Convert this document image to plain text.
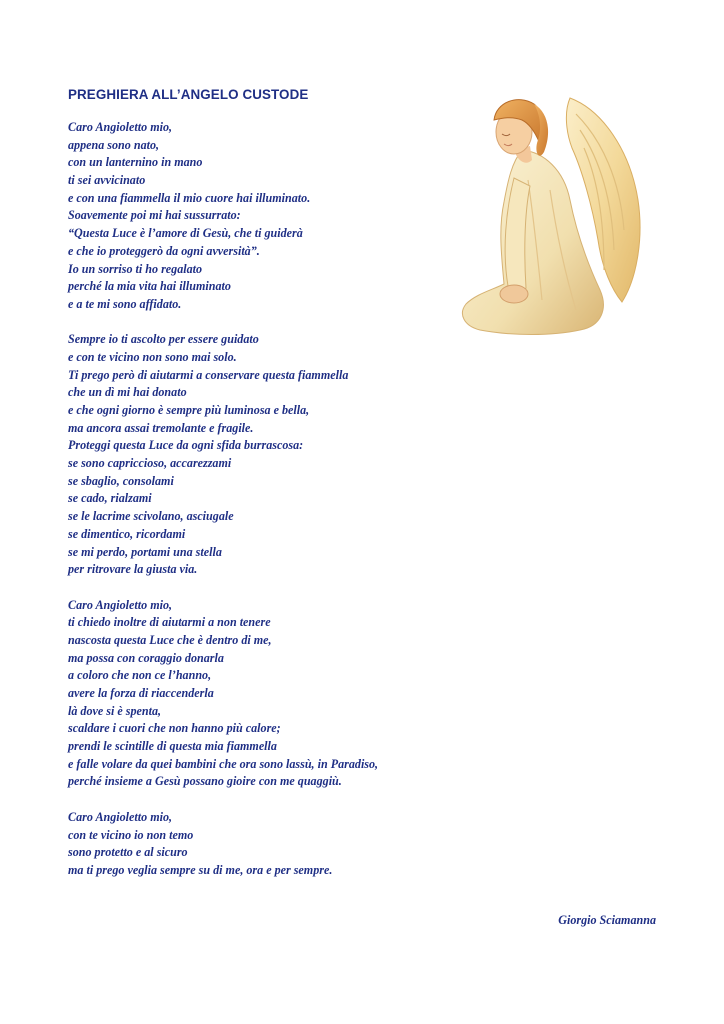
PREGHIERA ALL’ANGELO CUSTODE
Caro Angioletto mio,
appena sono nato,
con un lanternino in mano
ti sei avvicinato
e con una fiammella il mio cuore hai illuminato.
Soavemente poi mi hai sussurrato:
“Questa Luce è l’amore di Gesù, che ti guiderà
e che io proteggerò da ogni avversità”.
Io un sorriso ti ho regalato
perché la mia vita hai illuminato
e a te mi sono affidato.
Sempre io ti ascolto per essere guidato
e con te vicino non sono mai solo.
Ti prego però di aiutarmi a conservare questa fiammella
che un dì mi hai donato
e che ogni giorno è sempre più luminosa e bella,
ma ancora assai tremolante e fragile.
Proteggi questa Luce da ogni sfida burrascosa:
se sono capriccioso, accarezzami
se sbaglio, consolami
se cado, rialzami
se le lacrime scivolano, asciugale
se dimentico, ricordami
se mi perdo, portami una stella
per ritrovare la giusta via.
Caro Angioletto mio,
ti chiedo inoltre di aiutarmi a non tenere
nascosta questa Luce che è dentro di me,
ma possa con coraggio donarla
a coloro che non ce l’hanno,
avere la forza di riaccenderla
là dove si è spenta,
scaldare i cuori che non hanno più calore;
prendi le scintille di questa mia fiammella
e falle volare da quei bambini che ora sono lassù, in Paradiso,
perché insieme a Gesù possano gioire con me quaggiù.
Caro Angioletto mio,
con te vicino io non temo
sono protetto e al sicuro
ma ti prego veglia sempre su di me, ora e per sempre.
Giorgio Sciamanna
